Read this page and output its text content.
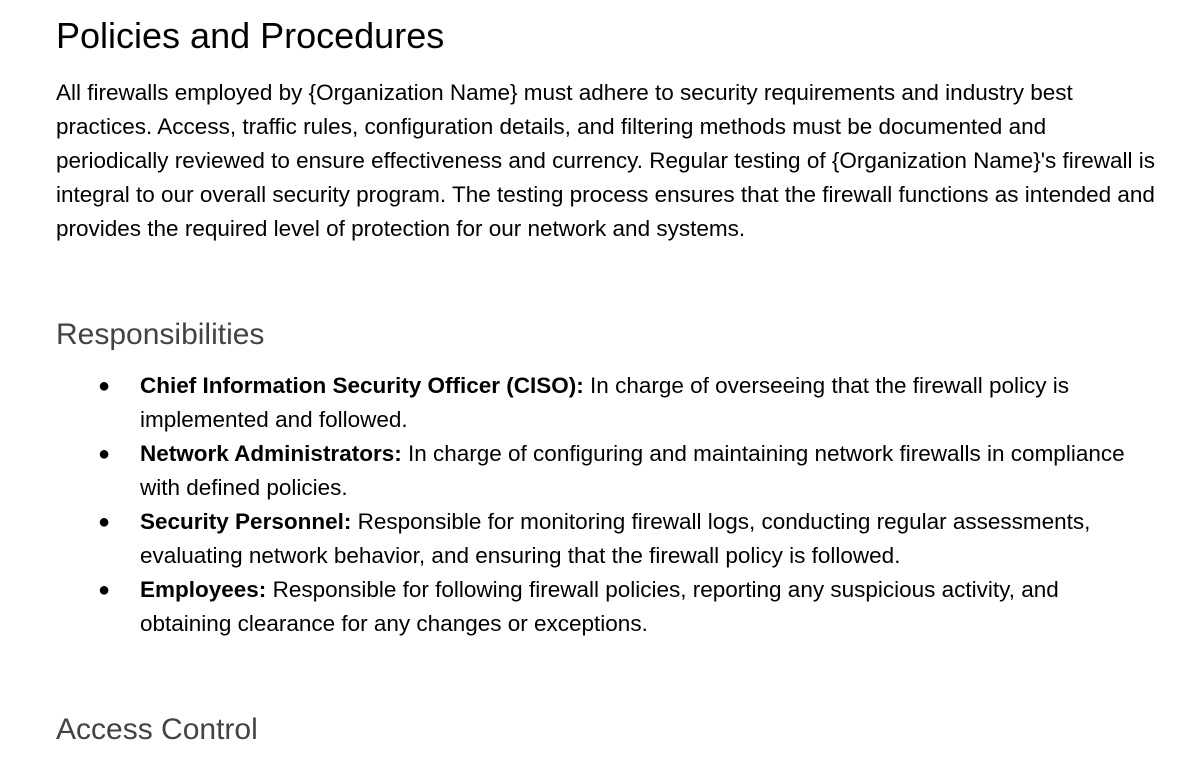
Policies and Procedures

All firewalls employed by {Organization Name} must adhere to security requirements and industry best practices. Access, traffic rules, configuration details, and filtering methods must be documented and periodically reviewed to ensure effectiveness and currency. Regular testing of {Organization Name}'s firewall is integral to our overall security program. The testing process ensures that the firewall functions as intended and provides the required level of protection for our network and systems.

Responsibilities
● Chief Information Security Officer (CISO): In charge of overseeing that the firewall policy is implemented and followed.
● Network Administrators: In charge of configuring and maintaining network firewalls in compliance with defined policies.
● Security Personnel: Responsible for monitoring firewall logs, conducting regular assessments, evaluating network behavior, and ensuring that the firewall policy is followed.
● Employees: Responsible for following firewall policies, reporting any suspicious activity, and obtaining clearance for any changes or exceptions.
Access Control
